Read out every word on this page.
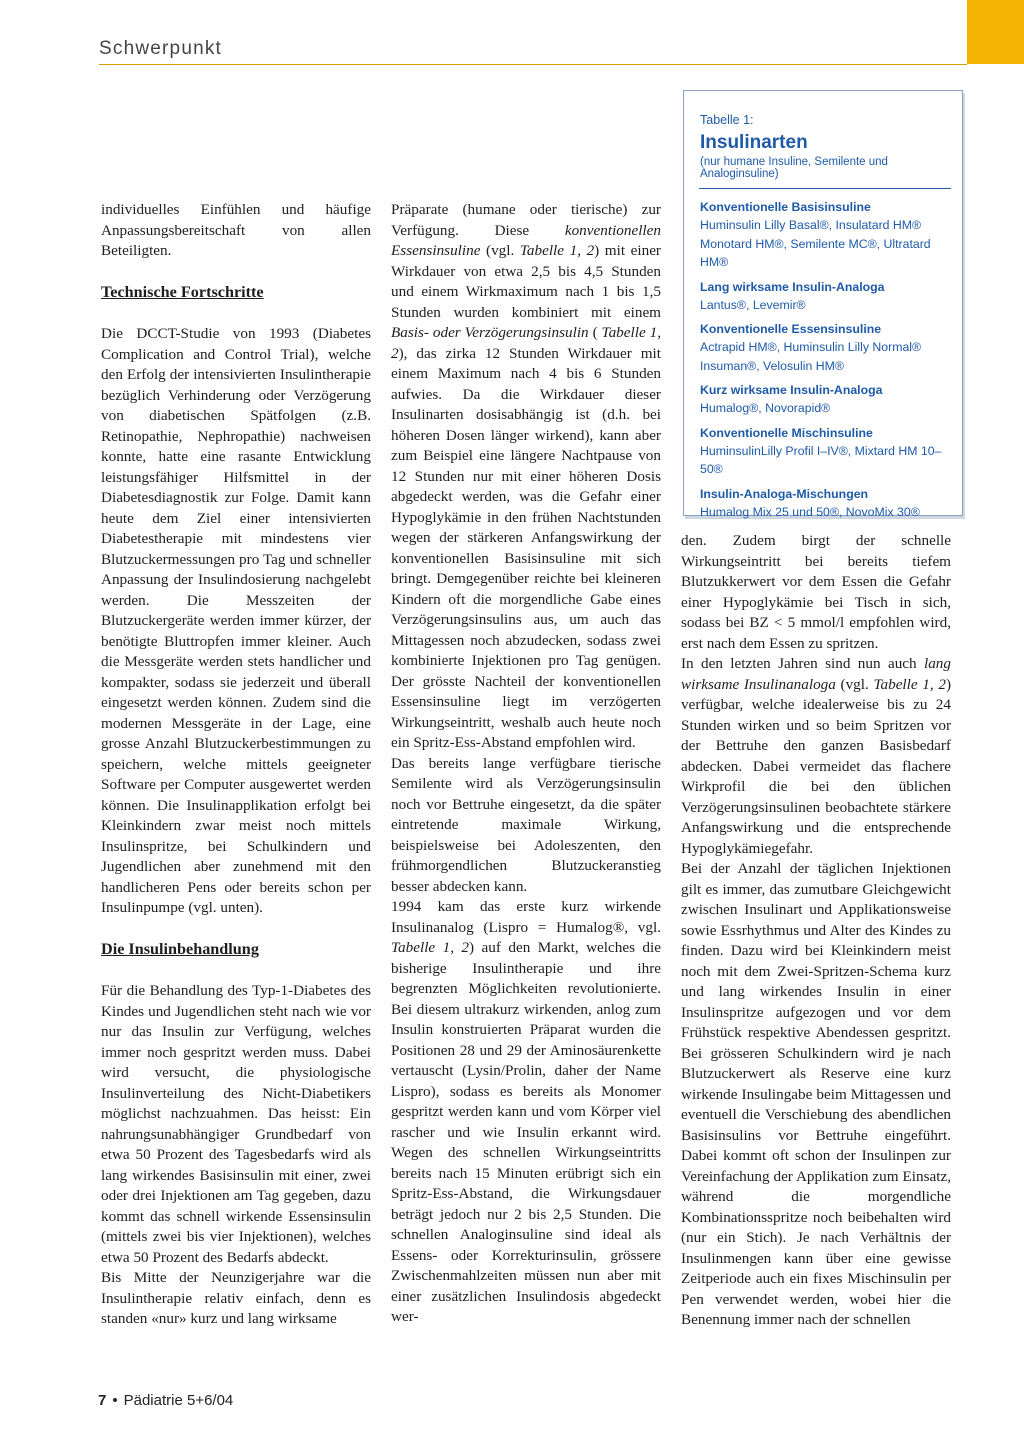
Schwerpunkt

individuelles Einfühlen und häufige Anpassungsbereitschaft von allen Beteiligten.

Technische Fortschritte

Die DCCT-Studie von 1993 (Diabetes Complication and Control Trial), welche den Erfolg der intensivierten Insulintherapie bezüglich Verhinderung oder Verzögerung von diabetischen Spätfolgen (z.B. Retinopathie, Nephropathie) nachweisen konnte, hatte eine rasante Entwicklung leistungsfähiger Hilfsmittel in der Diabetesdiagnostik zur Folge. Damit kann heute dem Ziel einer intensivierten Diabetestherapie mit mindestens vier Blutzuckermessungen pro Tag und schneller Anpassung der Insulindosierung nachgelebt werden. Die Messzeiten der Blutzuckergeräte werden immer kürzer, der benötigte Bluttropfen immer kleiner. Auch die Messgeräte werden stets handlicher und kompakter, sodass sie jederzeit und überall eingesetzt werden können. Zudem sind die modernen Messgeräte in der Lage, eine grosse Anzahl Blutzuckerbestimmungen zu speichern, welche mittels geeigneter Software per Computer ausgewertet werden können. Die Insulinapplikation erfolgt bei Kleinkindern zwar meist noch mittels Insulinspritze, bei Schulkindern und Jugendlichen aber zunehmend mit den handlicheren Pens oder bereits schon per Insulinpumpe (vgl. unten).

Die Insulinbehandlung

Für die Behandlung des Typ-1-Diabetes des Kindes und Jugendlichen steht nach wie vor nur das Insulin zur Verfügung, welches immer noch gespritzt werden muss. Dabei wird versucht, die physiologische Insulinverteilung des Nicht-Diabetikers möglichst nachzuahmen. Das heisst: Ein nahrungsunabhängiger Grundbedarf von etwa 50 Prozent des Tagesbedarfs wird als lang wirkendes Basisinsulin mit einer, zwei oder drei Injektionen am Tag gegeben, dazu kommt das schnell wirkende Essensinsulin (mittels zwei bis vier Injektionen), welches etwa 50 Prozent des Bedarfs abdeckt.

Bis Mitte der Neunzigerjahre war die Insulintherapie relativ einfach, denn es standen «nur» kurz und lang wirksame

Präparate (humane oder tierische) zur Verfügung. Diese konventionellen Essensinsuline (vgl. Tabelle 1, 2) mit einer Wirkdauer von etwa 2,5 bis 4,5 Stunden und einem Wirkmaximum nach 1 bis 1,5 Stunden wurden kombiniert mit einem Basis- oder Verzögerungsinsulin ( Tabelle 1, 2), das zirka 12 Stunden Wirkdauer mit einem Maximum nach 4 bis 6 Stunden aufwies. Da die Wirkdauer dieser Insulinarten dosisabhängig ist (d.h. bei höheren Dosen länger wirkend), kann aber zum Beispiel eine längere Nachtpause von 12 Stunden nur mit einer höheren Dosis abgedeckt werden, was die Gefahr einer Hypoglykämie in den frühen Nachtstunden wegen der stärkeren Anfangswirkung der konventionellen Basisinsuline mit sich bringt. Demgegenüber reichte bei kleineren Kindern oft die morgendliche Gabe eines Verzögerungsinsulins aus, um auch das Mittagessen noch abzudecken, sodass zwei kombinierte Injektionen pro Tag genügen. Der grösste Nachteil der konventionellen Essensinsuline liegt im verzögerten Wirkungseintritt, weshalb auch heute noch ein Spritz-Ess-Abstand empfohlen wird.

Das bereits lange verfügbare tierische Semilente wird als Verzögerungsinsulin noch vor Bettruhe eingesetzt, da die später eintretende maximale Wirkung, beispielsweise bei Adoleszenten, den frühmorgendlichen Blutzuckeranstieg besser abdecken kann.

1994 kam das erste kurz wirkende Insulinanalog (Lispro = Humalog®, vgl. Tabelle 1, 2) auf den Markt, welches die bisherige Insulintherapie und ihre begrenzten Möglichkeiten revolutionierte. Bei diesem ultrakurz wirkenden, anlog zum Insulin konstruierten Präparat wurden die Positionen 28 und 29 der Aminosäurenkette vertauscht (Lysin/Prolin, daher der Name Lispro), sodass es bereits als Monomer gespritzt werden kann und vom Körper viel rascher und wie Insulin erkannt wird. Wegen des schnellen Wirkungseintritts bereits nach 15 Minuten erübrigt sich ein Spritz-Ess-Abstand, die Wirkungsdauer beträgt jedoch nur 2 bis 2,5 Stunden. Die schnellen Analoginsuline sind ideal als Essens- oder Korrekturinsulin, grössere Zwischenmahlzeiten müssen nun aber mit einer zusätzlichen Insulindosis abgedeckt wer-

Tabelle 1:
Insulinarten
(nur humane Insuline, Semilente und Analoginsuline)
Konventionelle Basisinsuline
Huminsulin Lilly Basal®, Insulatard HM® Monotard HM®, Semilente MC®, Ultratard HM®
Lang wirksame Insulin-Analoga
Lantus®, Levemir®
Konventionelle Essensinsuline
Actrapid HM®, Huminsulin Lilly Normal® Insuman®, Velosulin HM®
Kurz wirksame Insulin-Analoga
Humalog®, Novorapid®
Konventionelle Mischinsuline
HuminsulinLilly Profil I–IV®, Mixtard HM 10–50®
Insulin-Analoga-Mischungen
Humalog Mix 25 und 50®, NovoMix 30®

den. Zudem birgt der schnelle Wirkungseintritt bei bereits tiefem Blutzukkerwert vor dem Essen die Gefahr einer Hypoglykämie bei Tisch in sich, sodass bei BZ < 5 mmol/l empfohlen wird, erst nach dem Essen zu spritzen.

In den letzten Jahren sind nun auch lang wirksame Insulinanaloga (vgl. Tabelle 1, 2) verfügbar, welche idealerweise bis zu 24 Stunden wirken und so beim Spritzen vor der Bettruhe den ganzen Basisbedarf abdecken. Dabei vermeidet das flachere Wirkprofil die bei den üblichen Verzögerungsinsulinen beobachtete stärkere Anfangswirkung und die entsprechende Hypoglykämiegefahr.

Bei der Anzahl der täglichen Injektionen gilt es immer, das zumutbare Gleichgewicht zwischen Insulinart und Applikationsweise sowie Essrhythmus und Alter des Kindes zu finden. Dazu wird bei Kleinkindern meist noch mit dem Zwei-Spritzen-Schema kurz und lang wirkendes Insulin in einer Insulinspritze aufgezogen und vor dem Frühstück respektive Abendessen gespritzt. Bei grösseren Schulkindern wird je nach Blutzuckerwert als Reserve eine kurz wirkende Insulingabe beim Mittagessen und eventuell die Verschiebung des abendlichen Basisinsulins vor Bettruhe eingeführt. Dabei kommt oft schon der Insulinpen zur Vereinfachung der Applikation zum Einsatz, während die morgendliche Kombinationsspritze noch beibehalten wird (nur ein Stich). Je nach Verhältnis der Insulinmengen kann über eine gewisse Zeitperiode auch ein fixes Mischinsulin per Pen verwendet werden, wobei hier die Benennung immer nach der schnellen

7 • Pädiatrie 5+6/04
